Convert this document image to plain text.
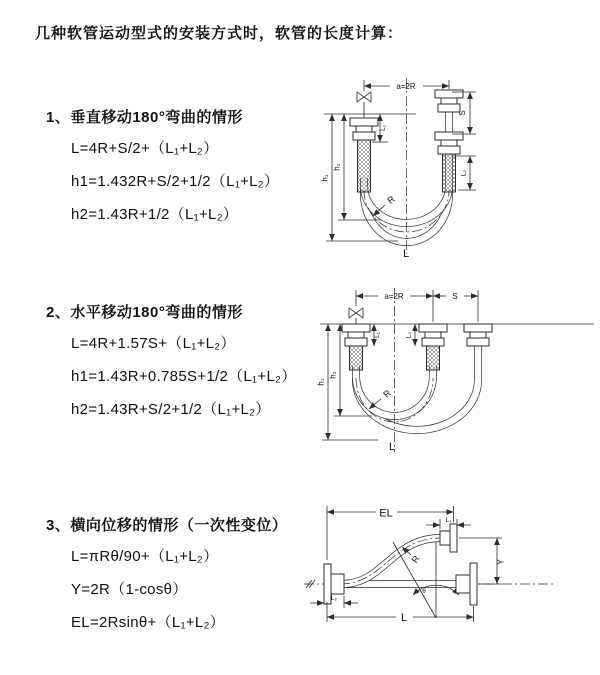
几种软管运动型式的安装方式时，软管的长度计算：
1、垂直移动180°弯曲的情形
L=4R+S/2+（L₁+L₂）
h1=1.432R+S/2+1/2（L₁+L₂）
h2=1.43R+1/2（L₁+L₂）
2、水平移动180°弯曲的情形
L=4R+1.57S+（L₁+L₂）
h1=1.43R+0.785S+1/2（L₁+L₂）
h2=1.43R+S/2+1/2（L₁+L₂）
3、横向位移的情形（一次性变位）
L=πRθ/90+（L₁+L₂）
Y=2R（1-cosθ）
EL=2Rsinθ+（L₁+L₂）
a=2R
S
L₂
h₁
h₂
L₁
R
L
a=2R	S
h₁
h₂
L₁	L₂
R
L
θ
EL
L₁
Y
L
L₂
R
